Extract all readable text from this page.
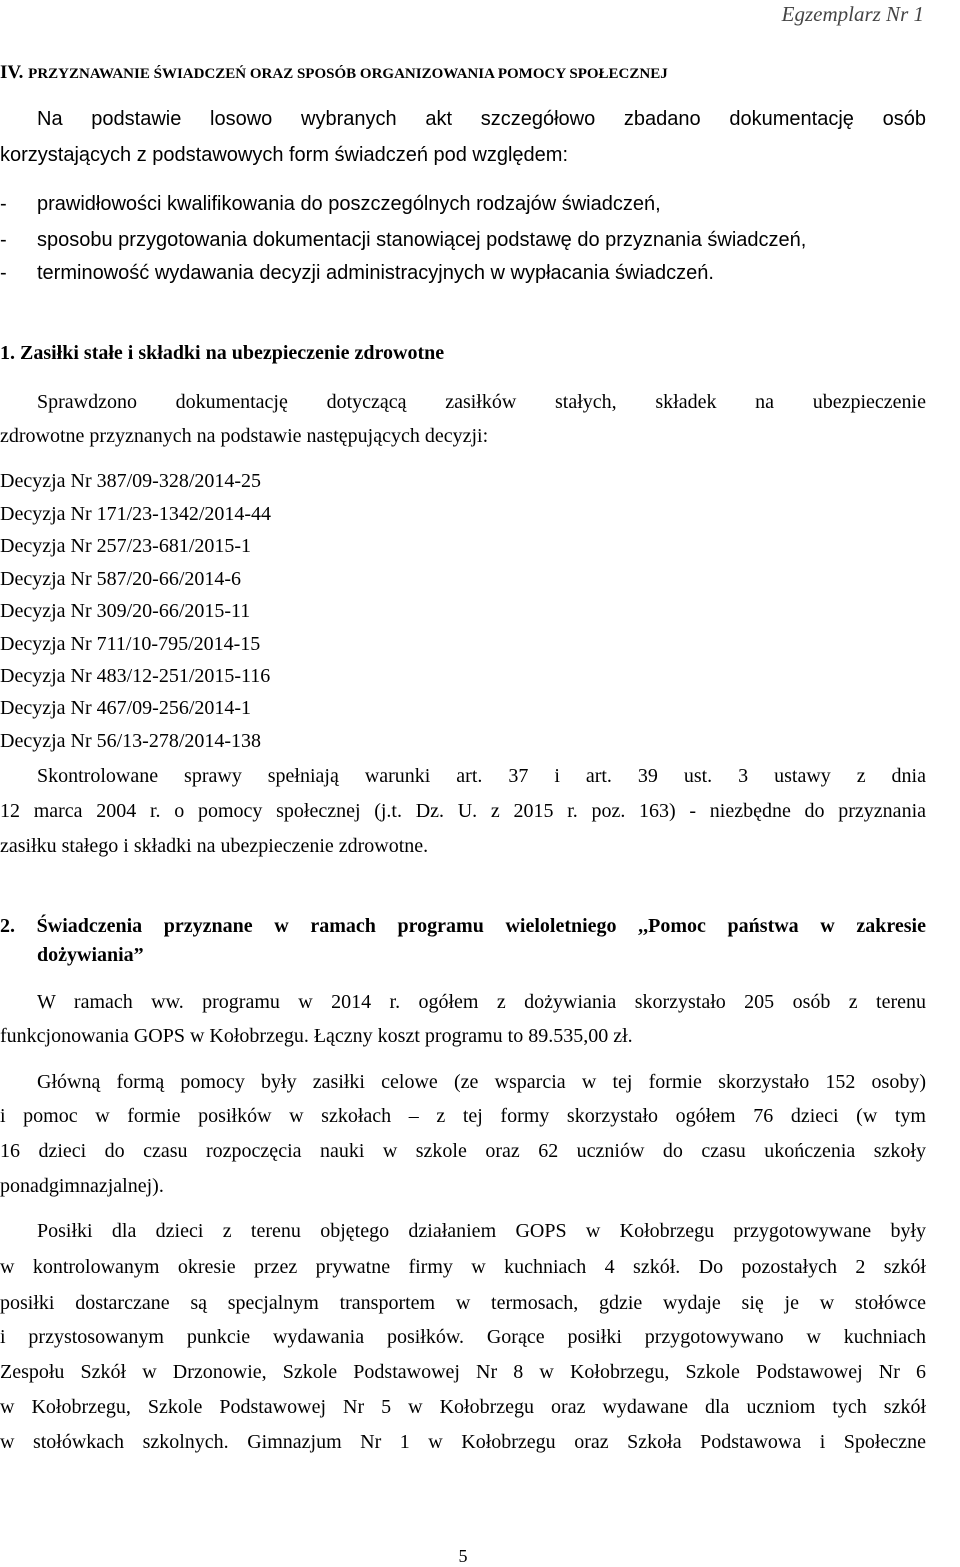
Egzemplarz Nr 1
IV. PRZYZNAWANIE ŚWIADCZEŃ ORAZ SPOSÓB ORGANIZOWANIA POMOCY SPOŁECZNEJ
Na podstawie losowo wybranych akt szczegółowo zbadano dokumentację osób
korzystających z podstawowych form świadczeń pod względem:
- prawidłowości kwalifikowania do poszczególnych rodzajów świadczeń,
- sposobu przygotowania dokumentacji stanowiącej podstawę do przyznania świadczeń,
- terminowość wydawania decyzji administracyjnych w wypłacania świadczeń.
1. Zasiłki stałe i składki na ubezpieczenie zdrowotne
Sprawdzono dokumentację dotyczącą zasiłków stałych, składek na ubezpieczenie
zdrowotne przyznanych na podstawie następujących decyzji:
Decyzja Nr 387/09-328/2014-25
Decyzja Nr 171/23-1342/2014-44
Decyzja Nr 257/23-681/2015-1
Decyzja Nr 587/20-66/2014-6
Decyzja Nr 309/20-66/2015-11
Decyzja Nr 711/10-795/2014-15
Decyzja Nr 483/12-251/2015-116
Decyzja Nr 467/09-256/2014-1
Decyzja Nr 56/13-278/2014-138
Skontrolowane sprawy spełniają warunki art. 37 i art. 39 ust. 3 ustawy z dnia
12 marca 2004 r. o pomocy społecznej (j.t. Dz. U. z 2015 r. poz. 163) - niezbędne do przyznania
zasiłku stałego i składki na ubezpieczenie zdrowotne.
2. Świadczenia przyznane w ramach programu wieloletniego ,,Pomoc państwa w zakresie
dożywiania”
W ramach ww. programu w 2014 r. ogółem z dożywiania skorzystało 205 osób z terenu
funkcjonowania GOPS w Kołobrzegu. Łączny koszt programu to 89.535,00 zł.
Główną formą pomocy były zasiłki celowe (ze wsparcia w tej formie skorzystało 152 osoby)
i pomoc w formie posiłków w szkołach – z tej formy skorzystało ogółem 76 dzieci (w tym
16 dzieci do czasu rozpoczęcia nauki w szkole oraz 62 uczniów do czasu ukończenia szkoły
ponadgimnazjalnej).
Posiłki dla dzieci z terenu objętego działaniem GOPS w Kołobrzegu przygotowywane były
w kontrolowanym okresie przez prywatne firmy w kuchniach 4 szkół. Do pozostałych 2 szkół
posiłki dostarczane są specjalnym transportem w termosach, gdzie wydaje się je w stołówce
i przystosowanym punkcie wydawania posiłków. Gorące posiłki przygotowywano w kuchniach
Zespołu Szkół w Drzonowie, Szkole Podstawowej Nr 8 w Kołobrzegu, Szkole Podstawowej Nr 6
w Kołobrzegu, Szkole Podstawowej Nr 5 w Kołobrzegu oraz wydawane dla uczniom tych szkół
w stołówkach szkolnych. Gimnazjum Nr 1 w Kołobrzegu oraz Szkoła Podstawowa i Społeczne
5
